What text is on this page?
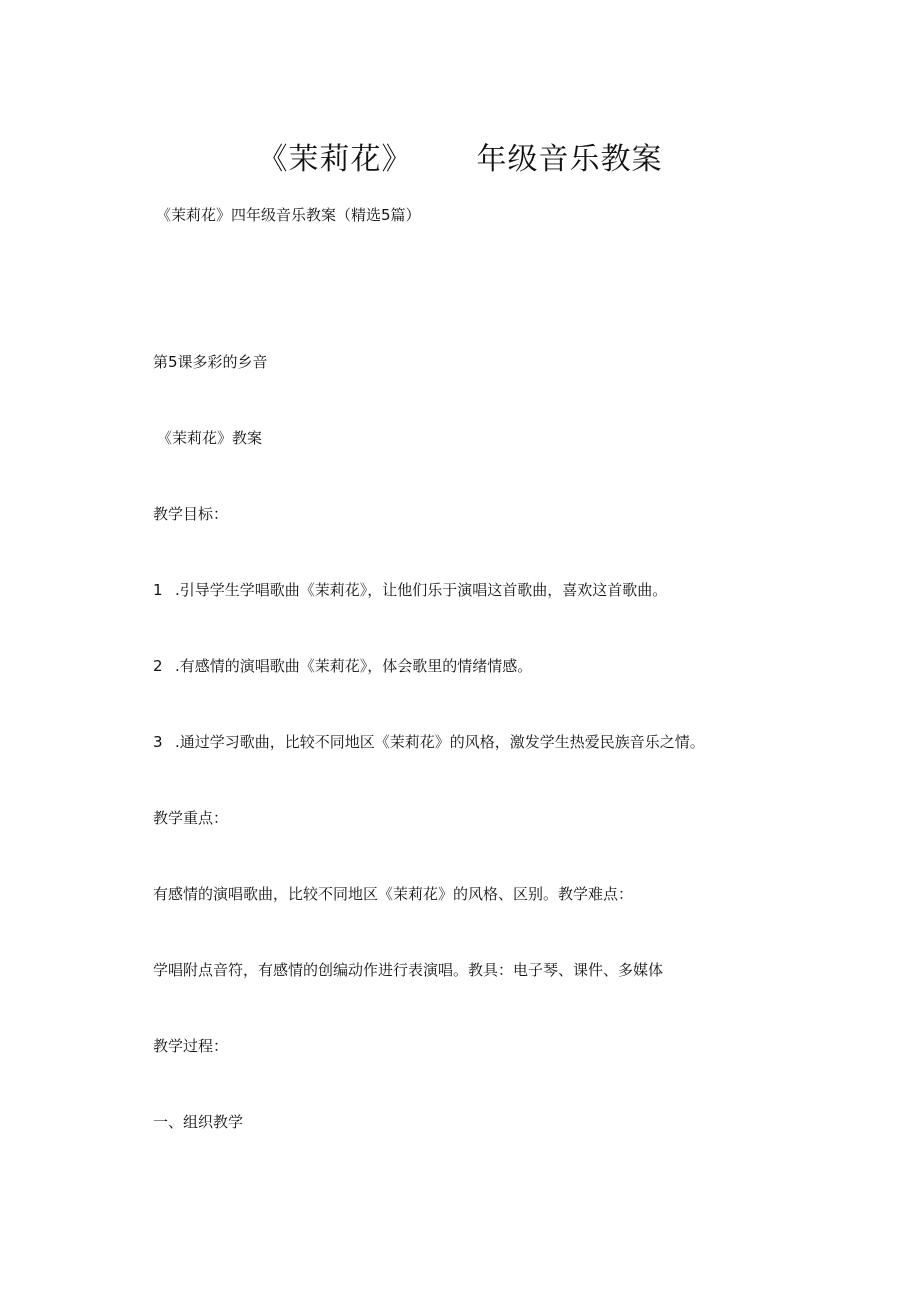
《茉莉花》 年级音乐教案
《茉莉花》四年级音乐教案（精选5篇）
第5课多彩的乡音
《茉莉花》教案
教学目标：
1 .引导学生学唱歌曲《茉莉花》，让他们乐于演唱这首歌曲，喜欢这首歌曲。
2 .有感情的演唱歌曲《茉莉花》，体会歌里的情绪情感。
3 .通过学习歌曲，比较不同地区《茉莉花》的风格，激发学生热爱民族音乐之情。
教学重点：
有感情的演唱歌曲，比较不同地区《茉莉花》的风格、区别。教学难点：
学唱附点音符，有感情的创编动作进行表演唱。教具：电子琴、课件、多媒体
教学过程：
一、组织教学
